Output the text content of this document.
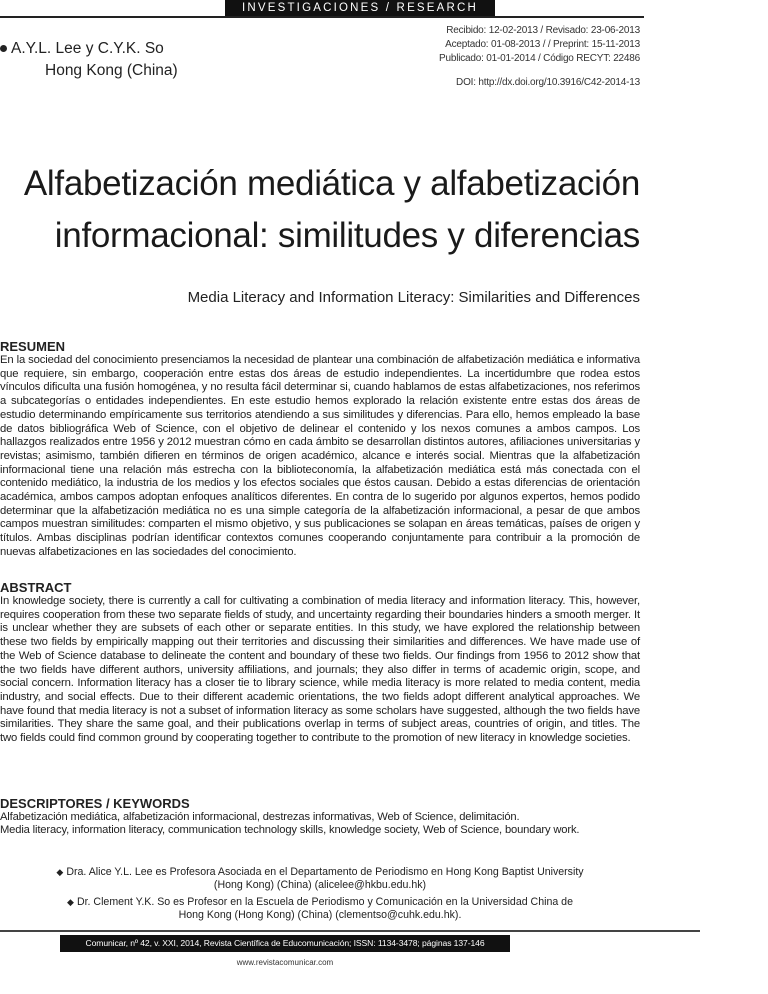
INVESTIGACIONES / RESEARCH
Recibido: 12-02-2013 / Revisado: 23-06-2013
Aceptado: 01-08-2013 / / Preprint: 15-11-2013
Publicado: 01-01-2014 / Código RECYT: 22486
DOI: http://dx.doi.org/10.3916/C42-2014-13
A.Y.L. Lee y C.Y.K. So
Hong Kong (China)
Alfabetización mediática y alfabetización
informacional: similitudes y diferencias
Media Literacy and Information Literacy: Similarities and Differences
RESUMEN

En la sociedad del conocimiento presenciamos la necesidad de plantear una combinación de alfabetización mediática e informativa que requiere, sin embargo, cooperación entre estas dos áreas de estudio independientes. La incertidumbre que rodea estos vínculos dificulta una fusión homogénea, y no resulta fácil determinar si, cuando hablamos de estas alfabetizaciones, nos referimos a subcategorías o entidades independientes. En este estudio hemos explorado la relación existente entre estas dos áreas de estudio determinando empíricamente sus territorios atendiendo a sus similitudes y diferencias. Para ello, hemos empleado la base de datos bibliográfica Web of Science, con el objetivo de delinear el contenido y los nexos comunes a ambos campos. Los hallazgos realizados entre 1956 y 2012 muestran cómo en cada ámbito se desarrollan distintos autores, afiliaciones universitarias y revistas; asimismo, también difieren en términos de origen académico, alcance e interés social. Mientras que la alfabetización informacional tiene una relación más estrecha con la biblioteconomía, la alfabetización mediática está más conectada con el contenido mediático, la industria de los medios y los efectos sociales que éstos causan. Debido a estas diferencias de orientación académica, ambos campos adoptan enfoques analíticos diferentes. En contra de lo sugerido por algunos expertos, hemos podido determinar que la alfabetización mediática no es una simple categoría de la alfabetización informacional, a pesar de que ambos campos muestran similitudes: comparten el mismo objetivo, y sus publicaciones se solapan en áreas temáticas, países de origen y títulos. Ambas disciplinas podrían identificar contextos comunes cooperando conjuntamente para contribuir a la promoción de nuevas alfabetizaciones en las sociedades del conocimiento.

ABSTRACT

In knowledge society, there is currently a call for cultivating a combination of media literacy and information literacy. This, however, requires cooperation from these two separate fields of study, and uncertainty regarding their boundaries hinders a smooth merger. It is unclear whether they are subsets of each other or separate entities. In this study, we have explored the relationship between these two fields by empirically mapping out their territories and discussing their similarities and differences. We have made use of the Web of Science database to delineate the content and boundary of these two fields. Our findings from 1956 to 2012 show that the two fields have different authors, university affiliations, and journals; they also differ in terms of academic origin, scope, and social concern. Information literacy has a closer tie to library science, while media literacy is more related to media content, media industry, and social effects. Due to their different academic orientations, the two fields adopt different analytical approaches. We have found that media literacy is not a subset of information literacy as some scholars have suggested, although the two fields have similarities. They share the same goal, and their publications overlap in terms of subject areas, countries of origin, and titles. The two fields could find common ground by cooperating together to contribute to the promotion of new literacy in knowledge societies.

DESCRIPTORES / KEYWORDS

Alfabetización mediática, alfabetización informacional, destrezas informativas, Web of Science, delimitación.

Media literacy, information literacy, communication technology skills, knowledge society, Web of Science, boundary work.

◆ Dra. Alice Y.L. Lee es Profesora Asociada en el Departamento de Periodismo en Hong Kong Baptist University
(Hong Kong) (China) (alicelee@hkbu.edu.hk)
◆ Dr. Clement Y.K. So es Profesor en la Escuela de Periodismo y Comunicación en la Universidad China de
Hong Kong (Hong Kong) (China) (clementso@cuhk.edu.hk).
Comunicar, nº 42, v. XXI, 2014, Revista Científica de Educomunicación; ISSN: 1134-3478; páginas 137-146
www.revistacomunicar.com
